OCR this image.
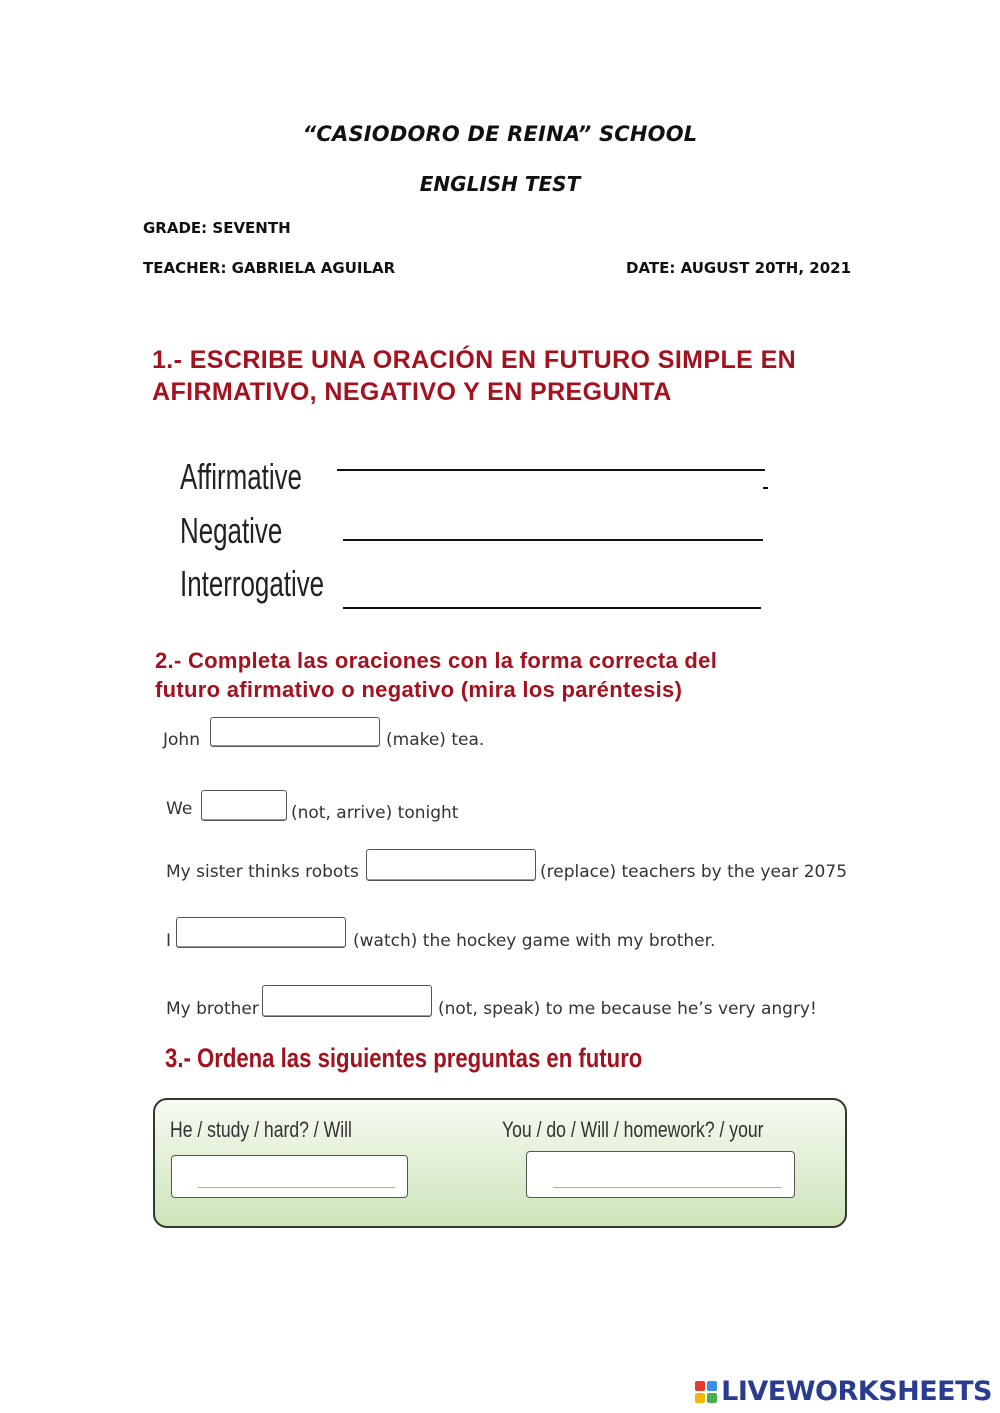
“CASIODORO DE REINA” SCHOOL
ENGLISH TEST
GRADE: SEVENTH
TEACHER: GABRIELA AGUILAR	DATE: AUGUST 20TH, 2021
1.- ESCRIBE UNA ORACIÓN EN FUTURO SIMPLE EN
AFIRMATIVO, NEGATIVO Y EN PREGUNTA
Affirmative
Negative
Interrogative
2.- Completa las oraciones con la forma correcta del
futuro afirmativo o negativo (mira los paréntesis)
John	(make) tea.
We	(not, arrive) tonight
My sister thinks robots	(replace) teachers by the year 2075
I	(watch) the hockey game with my brother.
My brother	(not, speak) to me because he’s very angry!
3.- Ordena las siguientes preguntas en futuro
He / study / hard? / Will	You / do / Will / homework? / your
LIVEWORKSHEETS
